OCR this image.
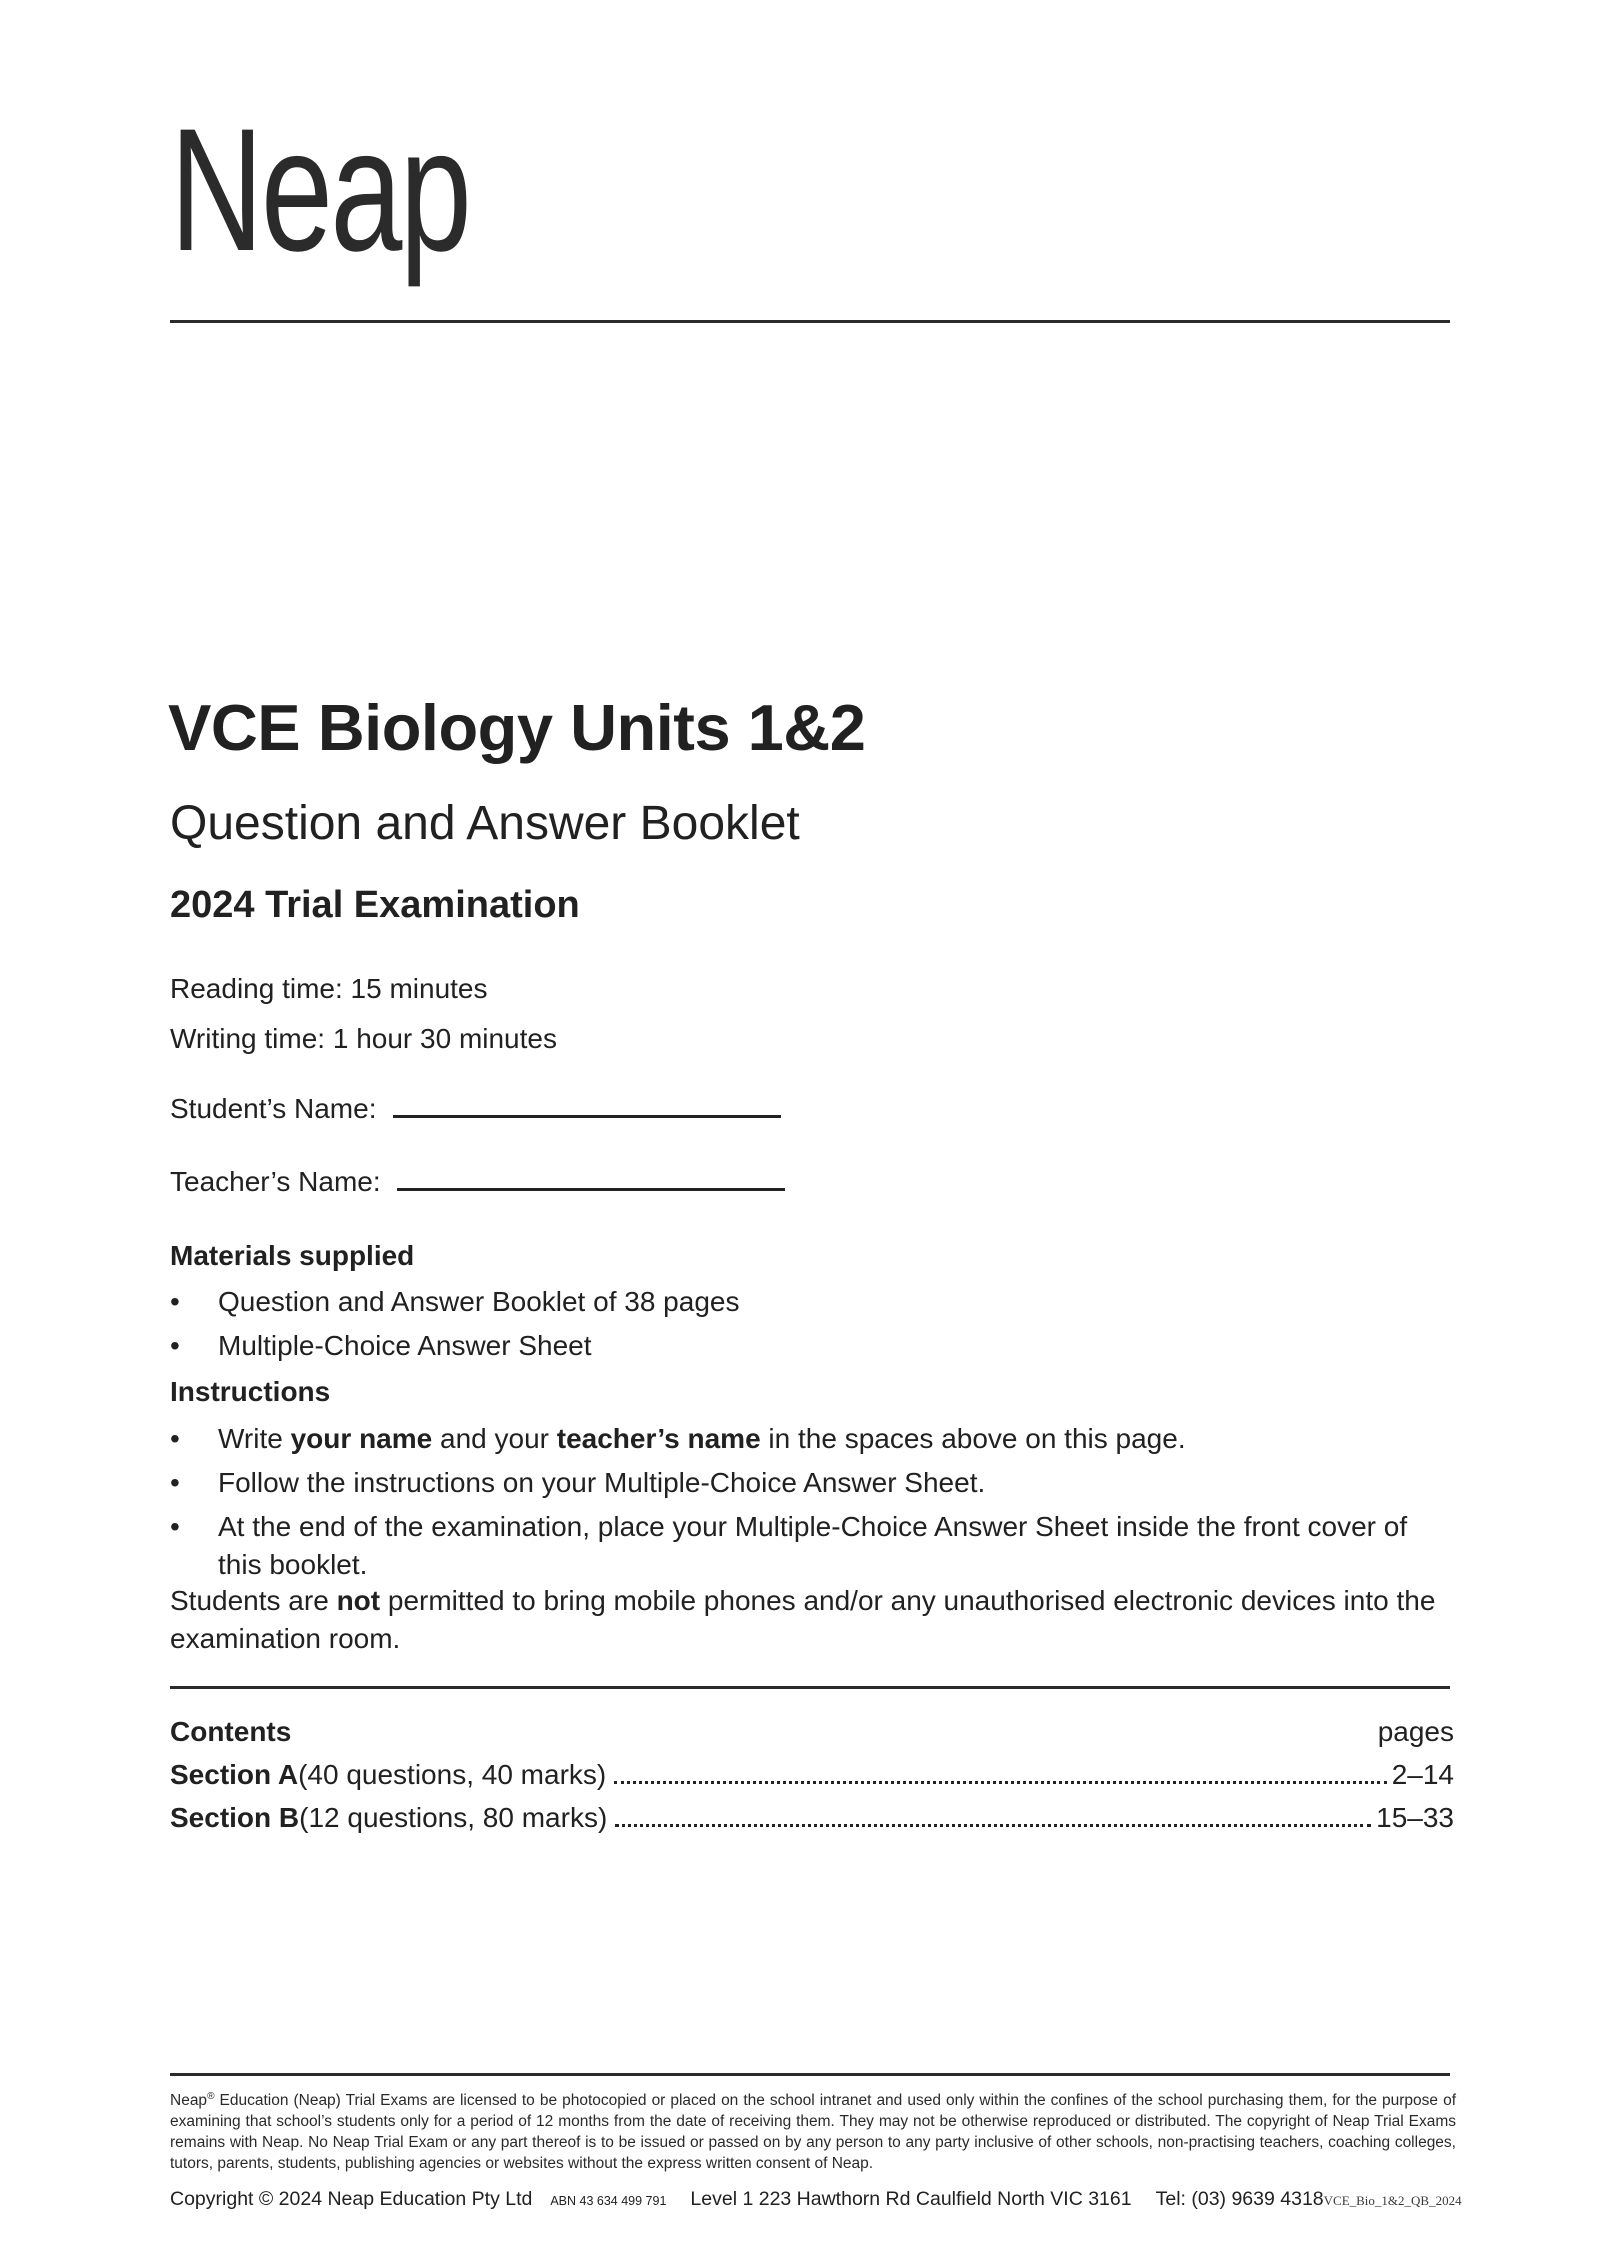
Neap
VCE Biology Units 1&2
Question and Answer Booklet
2024 Trial Examination
Reading time: 15 minutes
Writing time: 1 hour 30 minutes
Student’s Name:
Teacher’s Name:
Materials supplied
•	Question and Answer Booklet of 38 pages
•	Multiple-Choice Answer Sheet
Instructions
•	Write your name and your teacher’s name in the spaces above on this page.
•	Follow the instructions on your Multiple-Choice Answer Sheet.
•	At the end of the examination, place your Multiple-Choice Answer Sheet inside the front cover of this booklet.
Students are not permitted to bring mobile phones and/or any unauthorised electronic devices into the examination room.
Contents	pages
Section A (40 questions, 40 marks)	2–14
Section B (12 questions, 80 marks)	15–33
Neap® Education (Neap) Trial Exams are licensed to be photocopied or placed on the school intranet and used only within the confines of the school purchasing them, for the purpose of examining that school’s students only for a period of 12 months from the date of receiving them. They may not be otherwise reproduced or distributed. The copyright of Neap Trial Exams remains with Neap. No Neap Trial Exam or any part thereof is to be issued or passed on by any person to any party inclusive of other schools, non-practising teachers, coaching colleges, tutors, parents, students, publishing agencies or websites without the express written consent of Neap.
Copyright © 2024 Neap Education Pty Ltd ABN 43 634 499 791 Level 1 223 Hawthorn Rd Caulfield North VIC 3161 Tel: (03) 9639 4318 VCE_Bio_1&2_QB_2024
